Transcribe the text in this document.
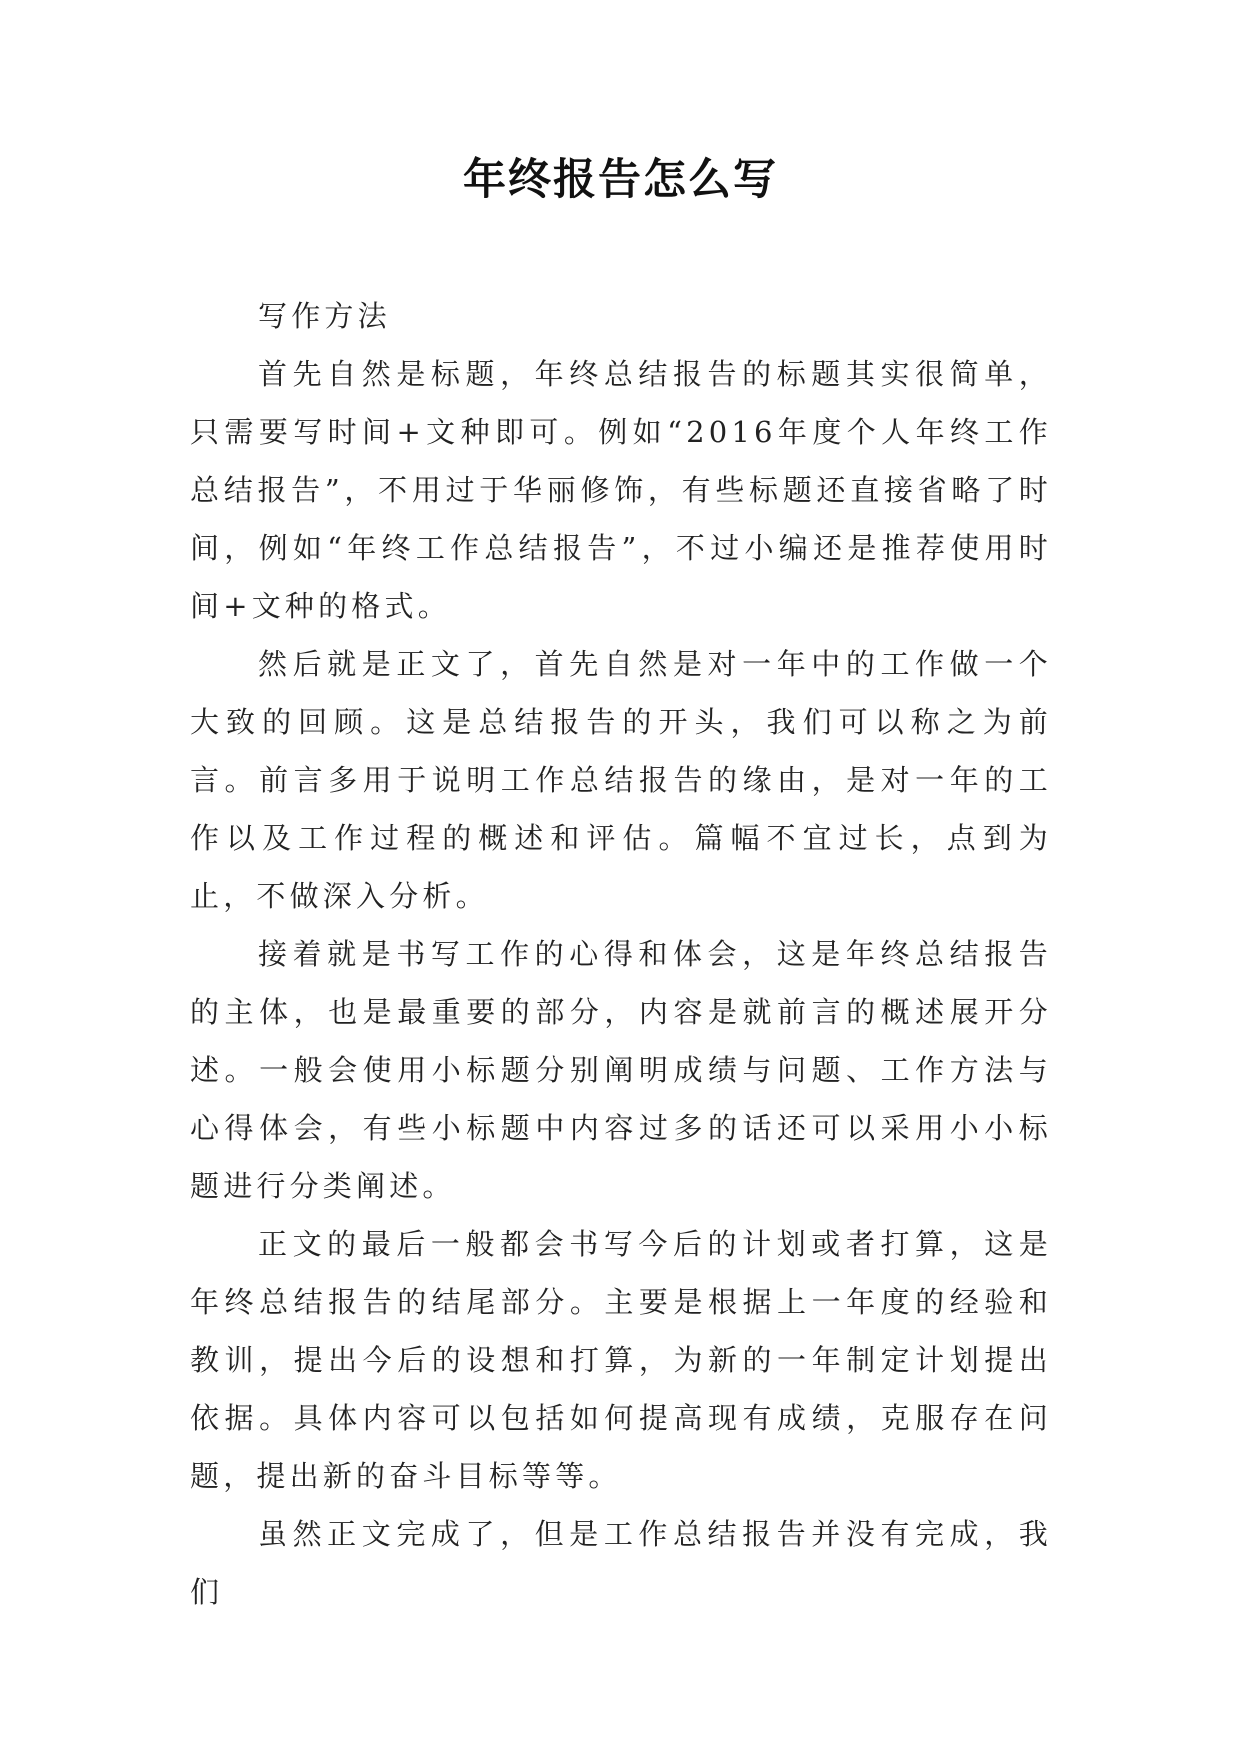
年终报告怎么写

写作方法

首先自然是标题，年终总结报告的标题其实很简单，只需要写时间+文种即可。例如“2016年度个人年终工作总结报告”，不用过于华丽修饰，有些标题还直接省略了时间，例如“年终工作总结报告”，不过小编还是推荐使用时间+文种的格式。

然后就是正文了，首先自然是对一年中的工作做一个大致的回顾。这是总结报告的开头，我们可以称之为前言。前言多用于说明工作总结报告的缘由，是对一年的工作以及工作过程的概述和评估。篇幅不宜过长，点到为止，不做深入分析。

接着就是书写工作的心得和体会，这是年终总结报告的主体，也是最重要的部分，内容是就前言的概述展开分述。一般会使用小标题分别阐明成绩与问题、工作方法与心得体会，有些小标题中内容过多的话还可以采用小小标题进行分类阐述。

正文的最后一般都会书写今后的计划或者打算，这是年终总结报告的结尾部分。主要是根据上一年度的经验和教训，提出今后的设想和打算，为新的一年制定计划提出依据。具体内容可以包括如何提高现有成绩，克服存在问题，提出新的奋斗目标等等。

虽然正文完成了，但是工作总结报告并没有完成，我们
